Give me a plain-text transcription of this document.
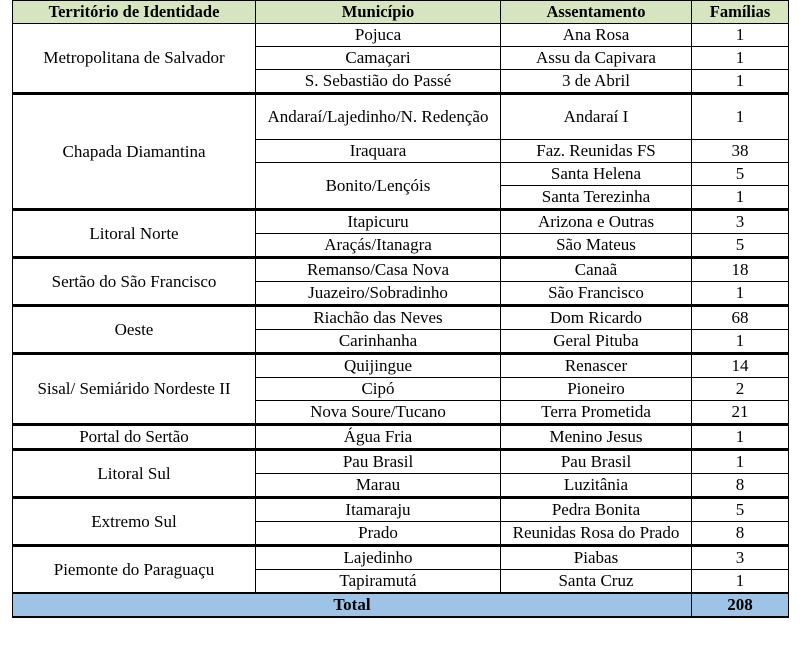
Território de Identidade	Município	Assentamento	Famílias
Metropolitana de Salvador	Pojuca	Ana Rosa	1
	Camaçari	Assu da Capivara	1
	S. Sebastião do Passé	3 de Abril	1
Chapada Diamantina	Andaraí/Lajedinho/N. Redenção	Andaraí I	1
	Iraquara	Faz. Reunidas FS	38
	Bonito/Lençóis	Santa Helena	5
		Santa Terezinha	1
Litoral Norte	Itapicuru	Arizona e Outras	3
	Araçás/Itanagra	São Mateus	5
Sertão do São Francisco	Remanso/Casa Nova	Canaã	18
	Juazeiro/Sobradinho	São Francisco	1
Oeste	Riachão das Neves	Dom Ricardo	68
	Carinhanha	Geral Pituba	1
Sisal/ Semiárido Nordeste II	Quijingue	Renascer	14
	Cipó	Pioneiro	2
	Nova Soure/Tucano	Terra Prometida	21
Portal do Sertão	Água Fria	Menino Jesus	1
Litoral Sul	Pau Brasil	Pau Brasil	1
	Marau	Luzitânia	8
Extremo Sul	Itamaraju	Pedra Bonita	5
	Prado	Reunidas Rosa do Prado	8
Piemonte do Paraguaçu	Lajedinho	Piabas	3
	Tapiramutá	Santa Cruz	1
Total			208
